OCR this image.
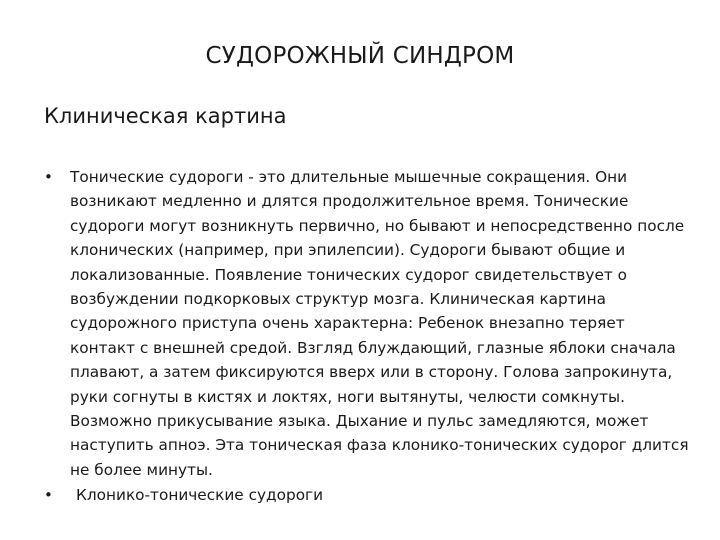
СУДОРОЖНЫЙ СИНДРОМ
Клиническая картина
• Тонические судороги - это длительные мышечные сокращения. Они возникают медленно и длятся продолжительное время. Тонические судороги могут возникнуть первично, но бывают и непосредственно после клонических (например, при эпилепсии). Судороги бывают общие и локализованные. Появление тонических судорог свидетельствует о возбуждении подкорковых структур мозга. Клиническая картина судорожного приступа очень характерна: Ребенок внезапно теряет контакт с внешней средой. Взгляд блуждающий, глазные яблоки сначала плавают, а затем фиксируются вверх или в сторону. Голова запрокинута, руки согнуты в кистях и локтях, ноги вытянуты, челюсти сомкнуты. Возможно прикусывание языка. Дыхание и пульс замедляются, может наступить апноэ. Эта тоническая фаза клонико-тонических судорог длится не более минуты.
• Клонико-тонические судороги
